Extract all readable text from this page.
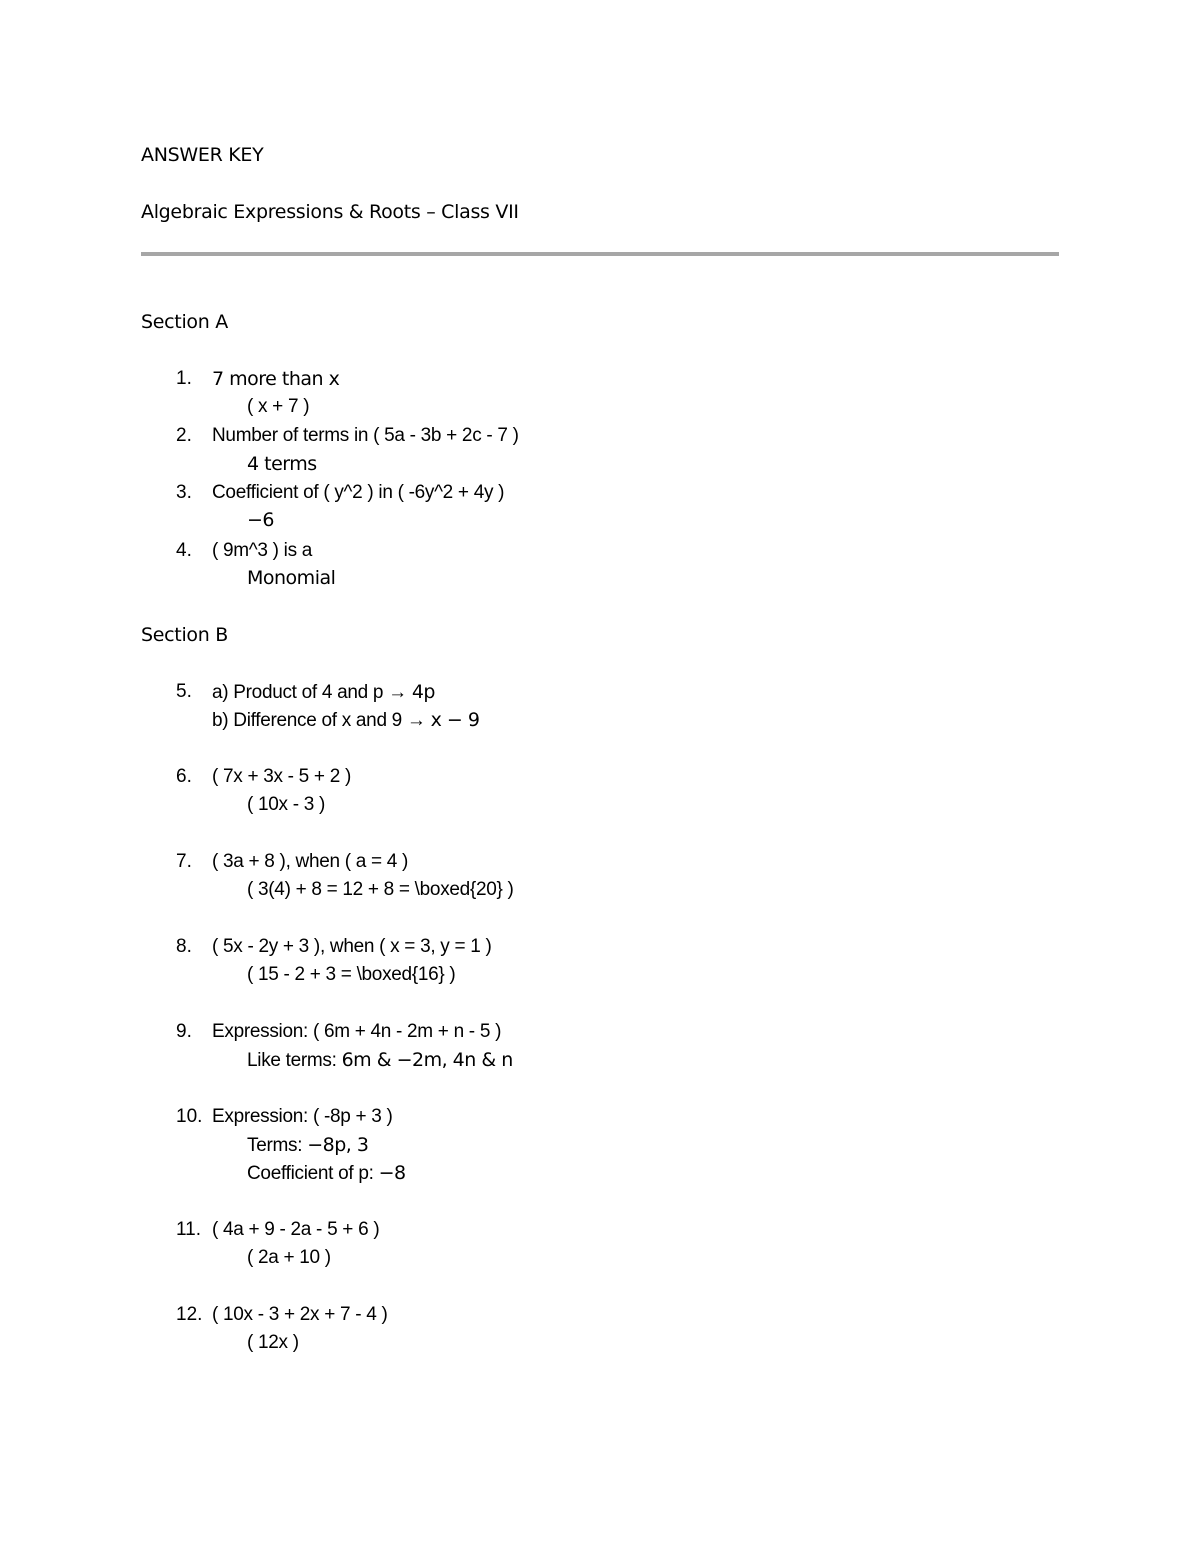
ANSWER KEY
Algebraic Expressions & Roots – Class VII
Section A
1. 7 more than x
( x + 7 )
2. Number of terms in ( 5a - 3b + 2c - 7 )
4 terms
3. Coefficient of ( y^2 ) in ( -6y^2 + 4y )
−6
4. ( 9m^3 ) is a
Monomial
Section B
5. a) Product of 4 and p → 4p
b) Difference of x and 9 → x − 9
6. ( 7x + 3x - 5 + 2 )
( 10x - 3 )
7. ( 3a + 8 ), when ( a = 4 )
( 3(4) + 8 = 12 + 8 = \boxed{20} )
8. ( 5x - 2y + 3 ), when ( x = 3, y = 1 )
( 15 - 2 + 3 = \boxed{16} )
9. Expression: ( 6m + 4n - 2m + n - 5 )
Like terms: 6m & −2m, 4n & n
10. Expression: ( -8p + 3 )
Terms: −8p, 3
Coefficient of p: −8
11. ( 4a + 9 - 2a - 5 + 6 )
( 2a + 10 )
12. ( 10x - 3 + 2x + 7 - 4 )
( 12x )
